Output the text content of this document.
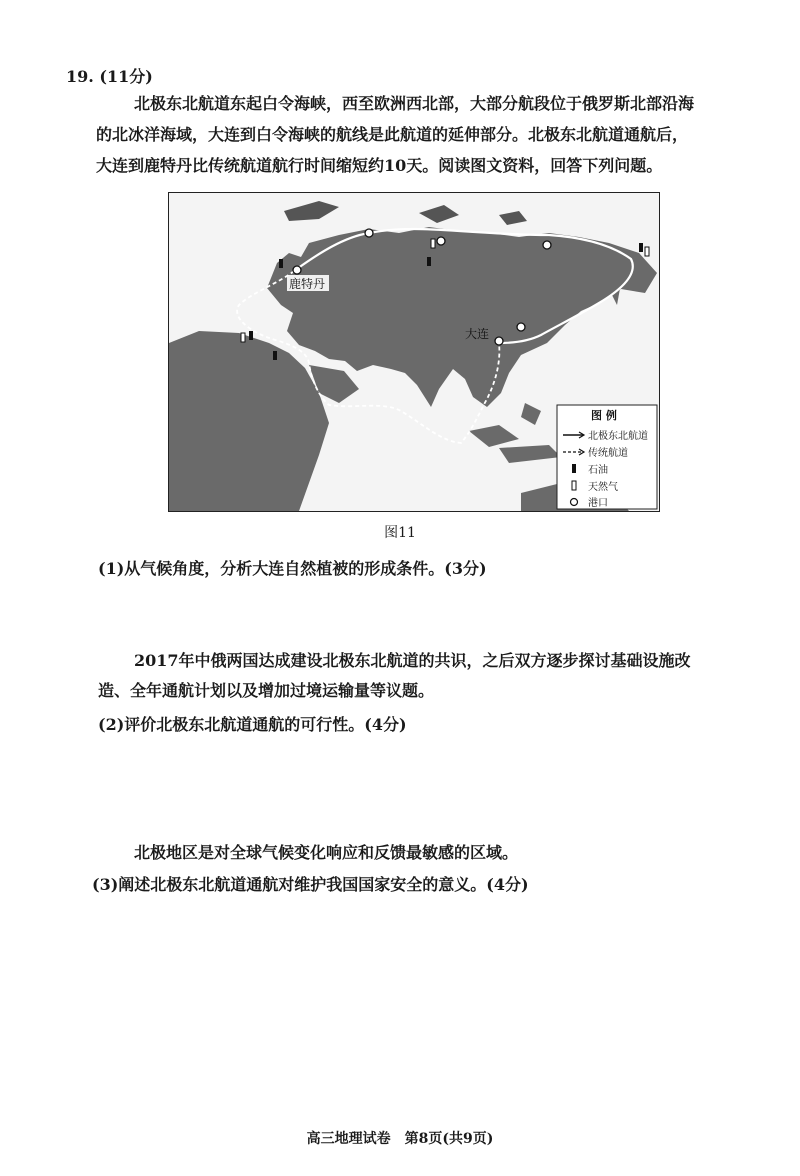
19. (11分)
北极东北航道东起白令海峡，西至欧洲西北部，大部分航段位于俄罗斯北部沿海
的北冰洋海域，大连到白令海峡的航线是此航道的延伸部分。北极东北航道通航后，
大连到鹿特丹比传统航道航行时间缩短约10天。阅读图文资料，回答下列问题。
鹿特丹
大连
图 例
北极东北航道
传统航道
石油
天然气
港口
图11
(1)从气候角度，分析大连自然植被的形成条件。(3分)
2017年中俄两国达成建设北极东北航道的共识，之后双方逐步探讨基础设施改
造、全年通航计划以及增加过境运输量等议题。
(2)评价北极东北航道通航的可行性。(4分)
北极地区是对全球气候变化响应和反馈最敏感的区域。
(3)阐述北极东北航道通航对维护我国国家安全的意义。(4分)
高三地理试卷　第8页(共9页)
